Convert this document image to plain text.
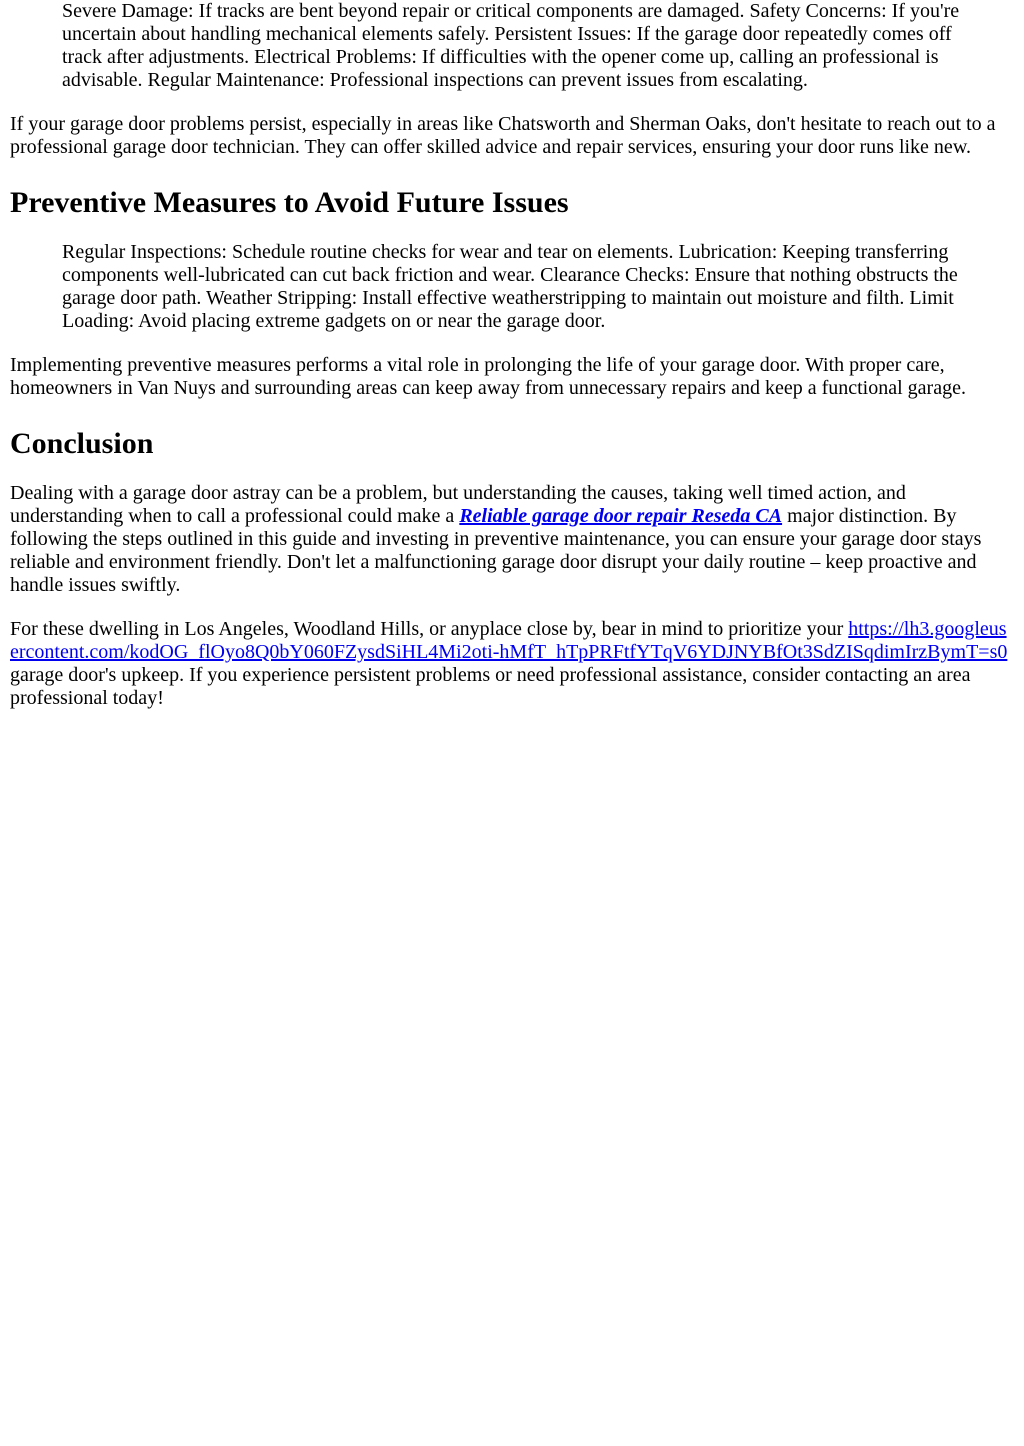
Severe Damage: If tracks are bent beyond repair or critical components are damaged. Safety Concerns: If you're uncertain about handling mechanical elements safely. Persistent Issues: If the garage door repeatedly comes off track after adjustments. Electrical Problems: If difficulties with the opener come up, calling an professional is advisable. Regular Maintenance: Professional inspections can prevent issues from escalating.

If your garage door problems persist, especially in areas like Chatsworth and Sherman Oaks, don't hesitate to reach out to a professional garage door technician. They can offer skilled advice and repair services, ensuring your door runs like new.

Preventive Measures to Avoid Future Issues

Regular Inspections: Schedule routine checks for wear and tear on elements. Lubrication: Keeping transferring components well-lubricated can cut back friction and wear. Clearance Checks: Ensure that nothing obstructs the garage door path. Weather Stripping: Install effective weatherstripping to maintain out moisture and filth. Limit Loading: Avoid placing extreme gadgets on or near the garage door.

Implementing preventive measures performs a vital role in prolonging the life of your garage door. With proper care, homeowners in Van Nuys and surrounding areas can keep away from unnecessary repairs and keep a functional garage.

Conclusion

Dealing with a garage door astray can be a problem, but understanding the causes, taking well timed action, and understanding when to call a professional could make a Reliable garage door repair Reseda CA major distinction. By following the steps outlined in this guide and investing in preventive maintenance, you can ensure your garage door stays reliable and environment friendly. Don't let a malfunctioning garage door disrupt your daily routine – keep proactive and handle issues swiftly.

For these dwelling in Los Angeles, Woodland Hills, or anyplace close by, bear in mind to prioritize your https://lh3.googleusercontent.com/kodOG_flOyo8Q0bY060FZysdSiHL4Mi2oti-hMfT_hTpPRFtfYTqV6YDJNYBfOt3SdZISqdimIrzBymT=s0 garage door's upkeep. If you experience persistent problems or need professional assistance, consider contacting an area professional today!
